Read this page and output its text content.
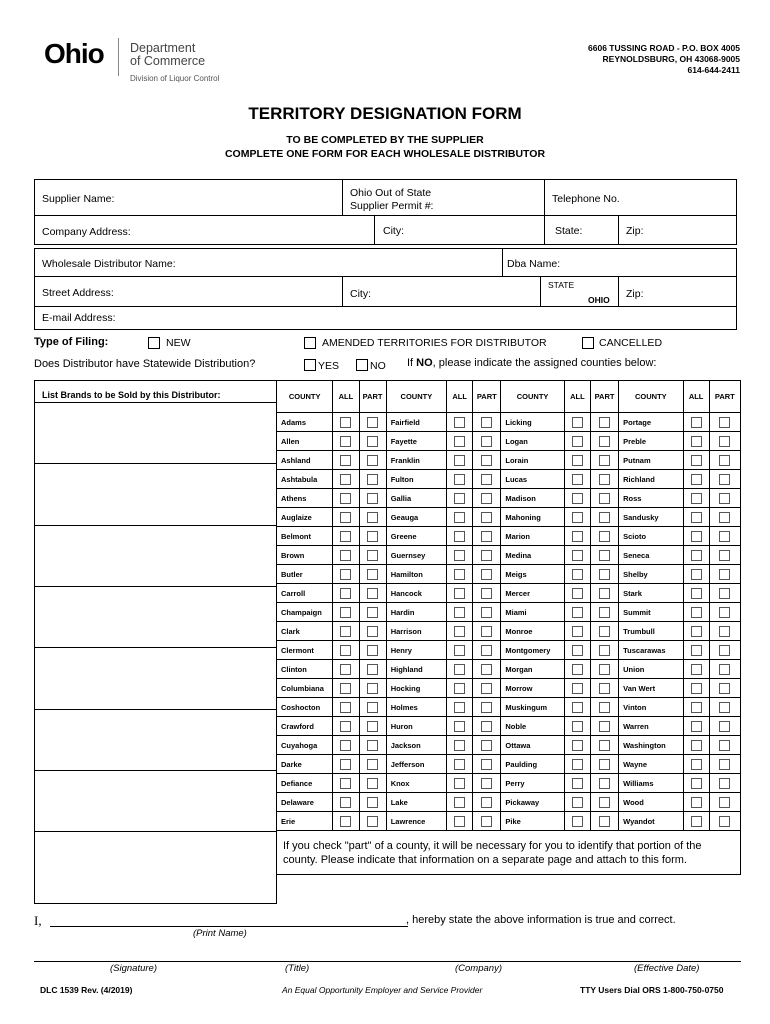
Ohio Department
of Commerce
Division of Liquor Control
6606 TUSSING ROAD - P.O. BOX 4005
REYNOLDSBURG, OH 43068-9005
614-644-2411
TERRITORY DESIGNATION FORM
TO BE COMPLETED BY THE SUPPLIER
COMPLETE ONE FORM FOR EACH WHOLESALE DISTRIBUTOR
Supplier Name:	Ohio Out of State
Supplier Permit #:
Telephone No.
Company Address:	City:	State:	Zip:
Wholesale Distributor Name:	Dba Name:
Street Address:	City:
STATE
OHIO Zip:
E-mail Address:
Type of Filing:	NEW	AMENDED TERRITORIES FOR DISTRIBUTOR	CANCELLED
Does Distributor have Statewide Distribution?	YES	NO If NO, please indicate the assigned counties below:
List Brands to be Sold by this Distributor:	COUNTY	ALL	PART	COUNTY	ALL	PART	COUNTY	ALL	PART	COUNTY	ALL	PART
Adams			Fairfield			Licking			Portage	

Allen			Fayette			Logan			Preble	

Ashland			Franklin			Lorain			Putnam	

Ashtabula			Fulton			Lucas			Richland	

Athens			Gallia			Madison			Ross	

Auglaize			Geauga			Mahoning			Sandusky	

Belmont			Greene			Marion			Scioto	

Brown			Guernsey			Medina			Seneca	

Butler			Hamilton			Meigs			Shelby	

Carroll			Hancock			Mercer			Stark	

Champaign			Hardin			Miami			Summit	

Clark			Harrison			Monroe			Trumbull	

Clermont			Henry			Montgomery			Tuscarawas	

Clinton			Highland			Morgan			Union	

Columbiana			Hocking			Morrow			Van Wert	

Coshocton			Holmes			Muskingum			Vinton	

Crawford			Huron			Noble			Warren	

Cuyahoga			Jackson			Ottawa			Washington	

Darke			Jefferson			Paulding			Wayne	

Defiance			Knox			Perry			Williams	

Delaware			Lake			Pickaway			Wood	

Erie			Lawrence			Pike			Wyandot	

If you check "part" of a county, it will be necessary for you to identify that portion of the
county. Please indicate that information on a separate page and attach to this form.											
I,	, hereby state the above information is true and correct.
(Print Name)
(Signature)	(Title)	(Company)	(Effective Date)
DLC 1539 Rev. (4/2019)	An Equal Opportunity Employer and Service Provider	TTY Users Dial ORS 1-800-750-0750
